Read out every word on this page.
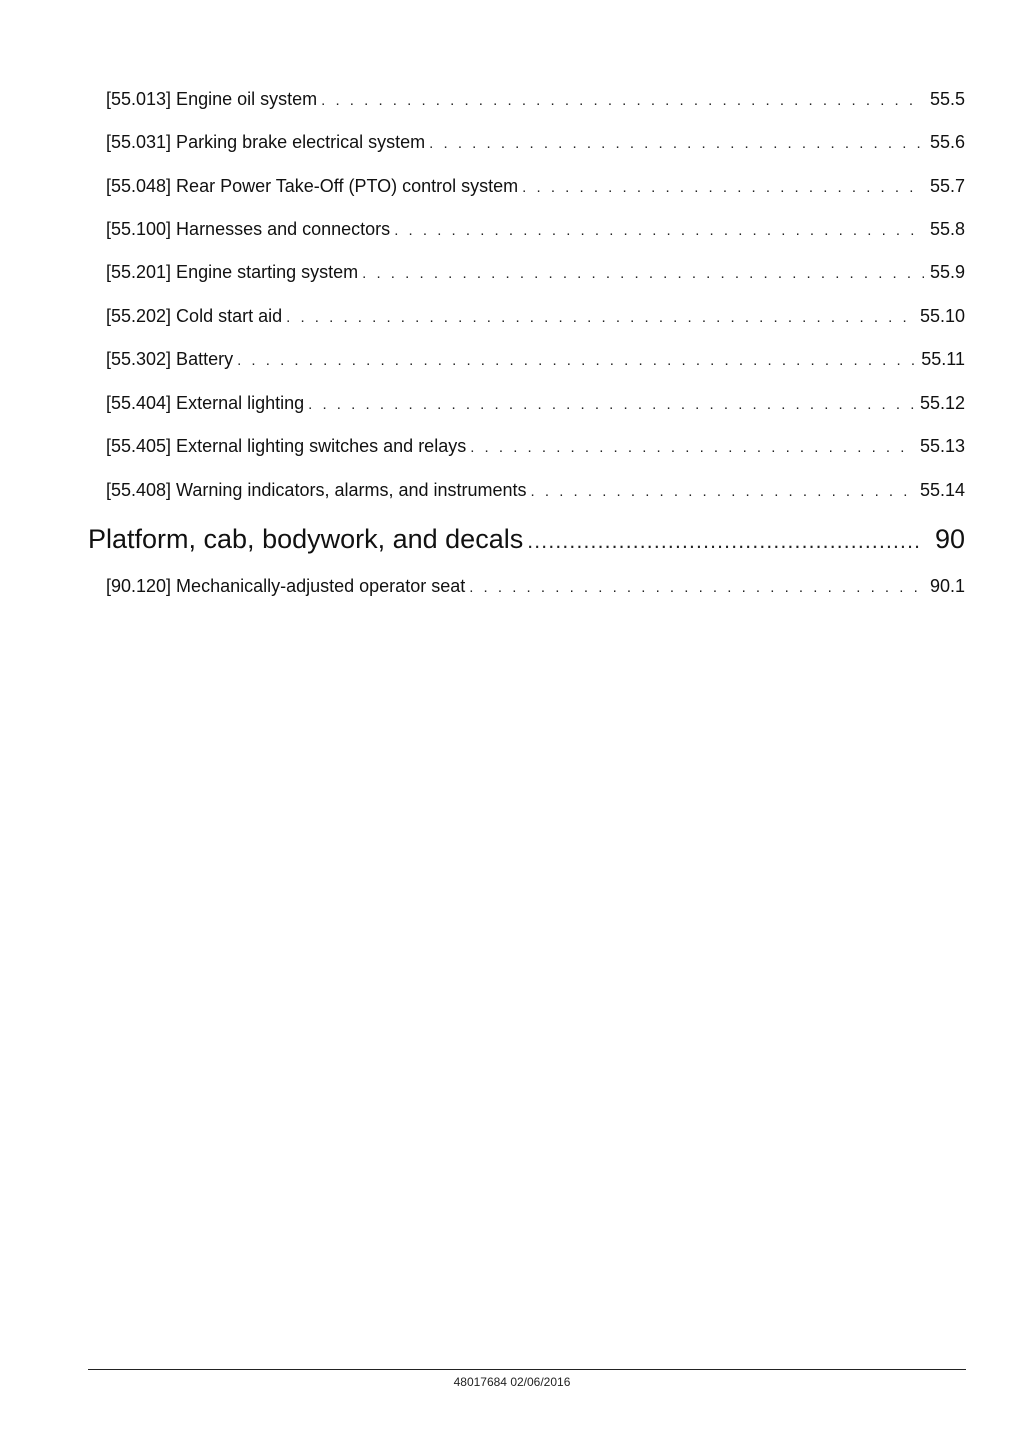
[55.013] Engine oil system . . .	55.5
[55.031] Parking brake electrical system . . .	55.6
[55.048] Rear Power Take-Off (PTO) control system . . .	55.7
[55.100] Harnesses and connectors . . .	55.8
[55.201] Engine starting system . . .	55.9
[55.202] Cold start aid . . .	55.10
[55.302] Battery . . .	55.11
[55.404] External lighting . . .	55.12
[55.405] External lighting switches and relays . . .	55.13
[55.408] Warning indicators, alarms, and instruments . . .	55.14
Platform, cab, bodywork, and decals .....	90
[90.120] Mechanically-adjusted operator seat . . .	90.1
48017684 02/06/2016
